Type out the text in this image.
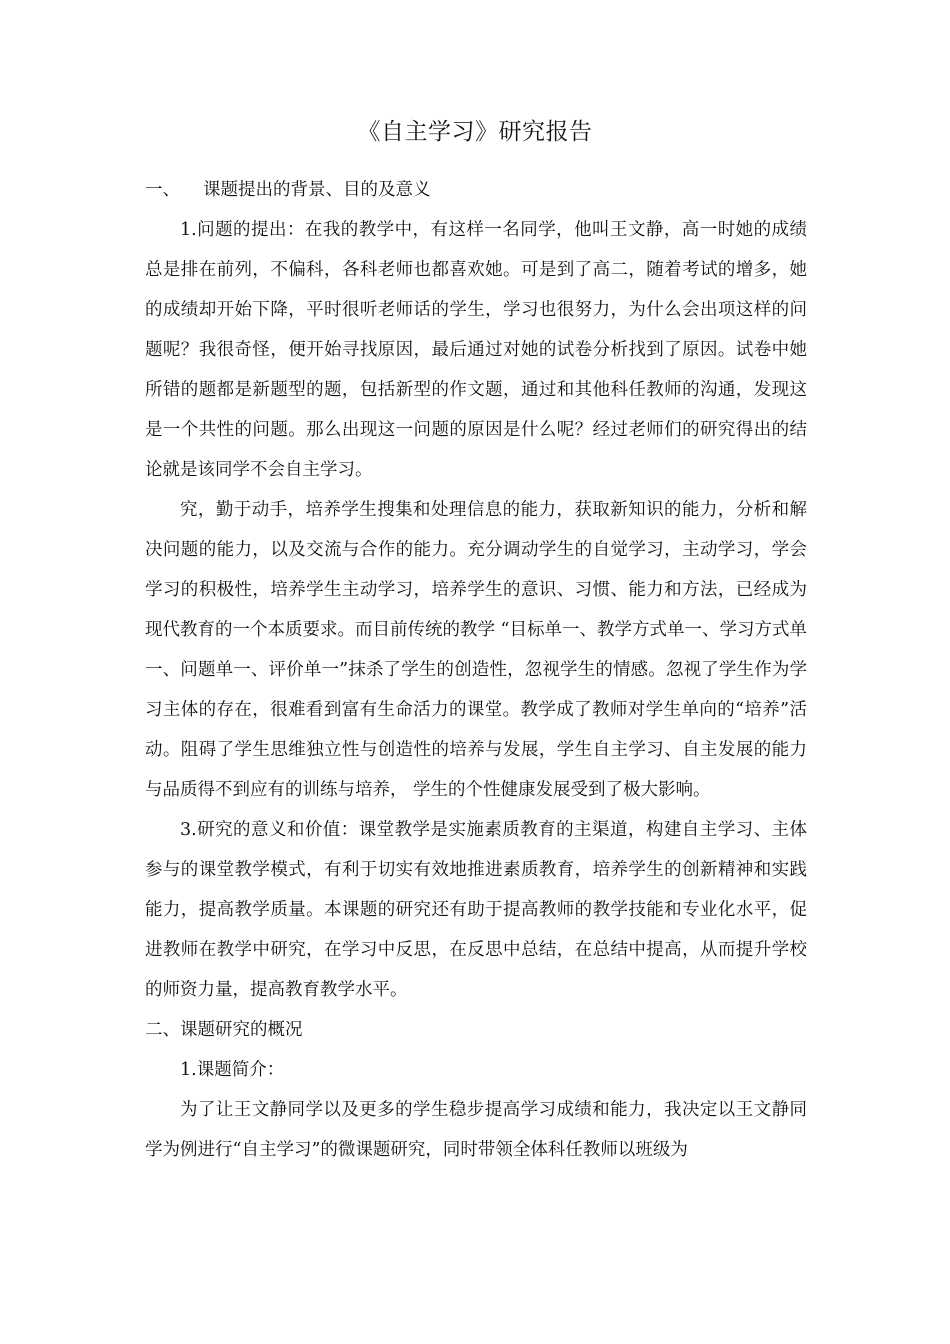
《自主学习》研究报告

一、	课题提出的背景、目的及意义

1.问题的提出：在我的教学中，有这样一名同学，他叫王文静，高一时她的成绩总是排在前列，不偏科，各科老师也都喜欢她。可是到了高二，随着考试的增多，她的成绩却开始下降，平时很听老师话的学生，学习也很努力，为什么会出项这样的问题呢？我很奇怪，便开始寻找原因，最后通过对她的试卷分析找到了原因。试卷中她所错的题都是新题型的题，包括新型的作文题，通过和其他科任教师的沟通，发现这是一个共性的问题。那么出现这一问题的原因是什么呢？经过老师们的研究得出的结论就是该同学不会自主学习。

究，勤于动手，培养学生搜集和处理信息的能力，获取新知识的能力，分析和解决问题的能力，以及交流与合作的能力。充分调动学生的自觉学习，主动学习，学会学习的积极性，培养学生主动学习，培养学生的意识、习惯、能力和方法，已经成为现代教育的一个本质要求。而目前传统的教学 “目标单一、教学方式单一、学习方式单一、问题单一、评价单一”抹杀了学生的创造性，忽视学生的情感。忽视了学生作为学习主体的存在，很难看到富有生命活力的课堂。教学成了教师对学生单向的“培养”活动。阻碍了学生思维独立性与创造性的培养与发展，学生自主学习、自主发展的能力与品质得不到应有的训练与培养， 学生的个性健康发展受到了极大影响。

3.研究的意义和价值：课堂教学是实施素质教育的主渠道，构建自主学习、主体参与的课堂教学模式，有利于切实有效地推进素质教育，培养学生的创新精神和实践能力，提高教学质量。本课题的研究还有助于提高教师的教学技能和专业化水平，促进教师在教学中研究，在学习中反思，在反思中总结，在总结中提高，从而提升学校的师资力量，提高教育教学水平。

二、课题研究的概况

1.课题简介：

为了让王文静同学以及更多的学生稳步提高学习成绩和能力，我决定以王文静同学为例进行“自主学习”的微课题研究，同时带领全体科任教师以班级为
